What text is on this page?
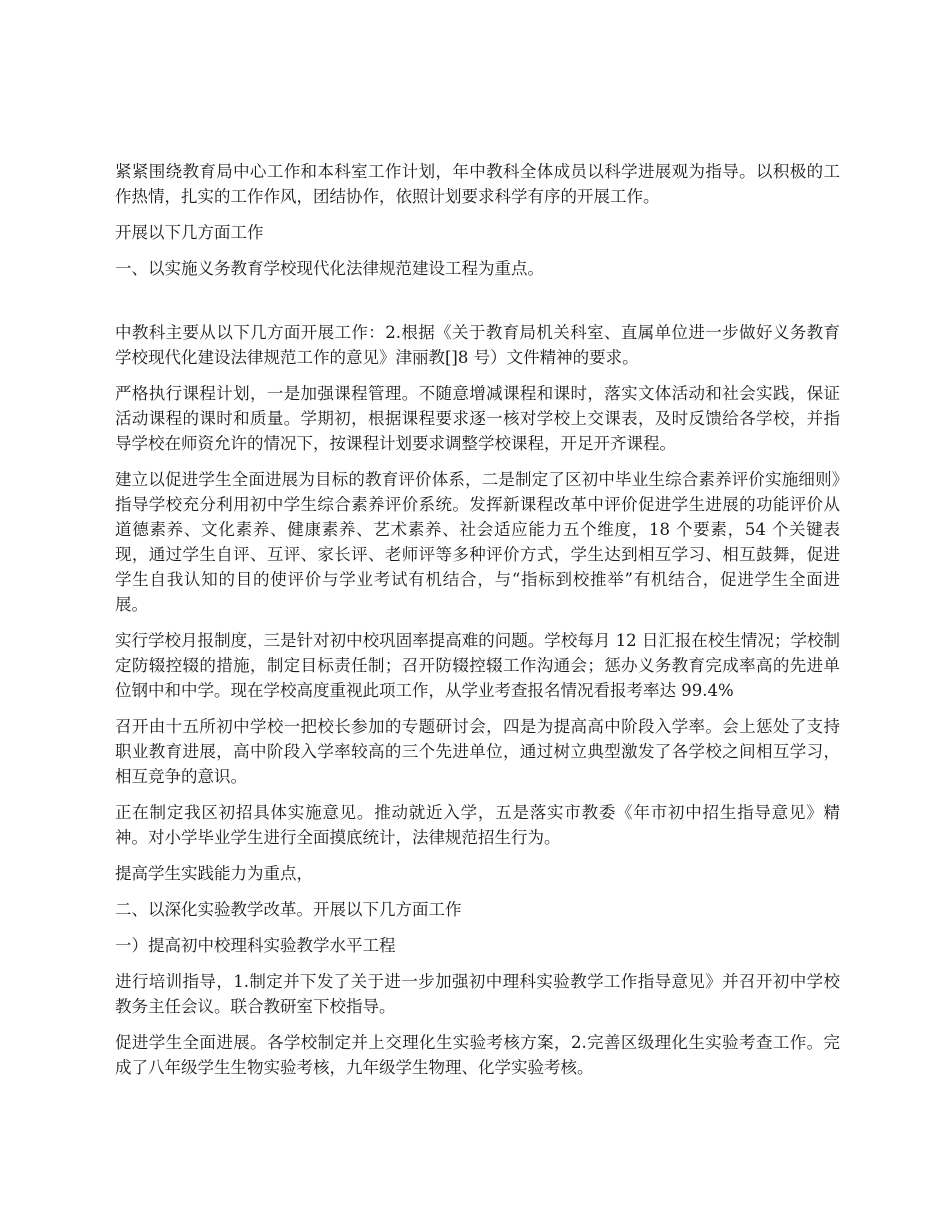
紧紧围绕教育局中心工作和本科室工作计划，年中教科全体成员以科学进展观为指导。以积极的工作热情，扎实的工作作风，团结协作，依照计划要求科学有序的开展工作。

开展以下几方面工作

一、以实施义务教育学校现代化法律规范建设工程为重点。

中教科主要从以下几方面开展工作：2.根据《关于教育局机关科室、直属单位进一步做好义务教育学校现代化建设法律规范工作的意见》津丽教[]8 号）文件精神的要求。

严格执行课程计划，一是加强课程管理。不随意增减课程和课时，落实文体活动和社会实践，保证活动课程的课时和质量。学期初，根据课程要求逐一核对学校上交课表，及时反馈给各学校，并指导学校在师资允许的情况下，按课程计划要求调整学校课程，开足开齐课程。

建立以促进学生全面进展为目标的教育评价体系，二是制定了区初中毕业生综合素养评价实施细则》指导学校充分利用初中学生综合素养评价系统。发挥新课程改革中评价促进学生进展的功能评价从道德素养、文化素养、健康素养、艺术素养、社会适应能力五个维度，18 个要素，54 个关键表现，通过学生自评、互评、家长评、老师评等多种评价方式，学生达到相互学习、相互鼓舞，促进学生自我认知的目的使评价与学业考试有机结合，与“指标到校推举”有机结合，促进学生全面进展。

实行学校月报制度，三是针对初中校巩固率提高难的问题。学校每月 12 日汇报在校生情况；学校制定防辍控辍的措施，制定目标责任制；召开防辍控辍工作沟通会；惩办义务教育完成率高的先进单位钢中和中学。现在学校高度重视此项工作，从学业考查报名情况看报考率达 99.4%

召开由十五所初中学校一把校长参加的专题研讨会，四是为提高高中阶段入学率。会上惩处了支持职业教育进展，高中阶段入学率较高的三个先进单位，通过树立典型激发了各学校之间相互学习，相互竞争的意识。

正在制定我区初招具体实施意见。推动就近入学，五是落实市教委《年市初中招生指导意见》精神。对小学毕业学生进行全面摸底统计，法律规范招生行为。

提高学生实践能力为重点，

二、以深化实验教学改革。开展以下几方面工作

一）提高初中校理科实验教学水平工程

进行培训指导，1.制定并下发了关于进一步加强初中理科实验教学工作指导意见》并召开初中学校教务主任会议。联合教研室下校指导。

促进学生全面进展。各学校制定并上交理化生实验考核方案，2.完善区级理化生实验考查工作。完成了八年级学生生物实验考核，九年级学生物理、化学实验考核。
